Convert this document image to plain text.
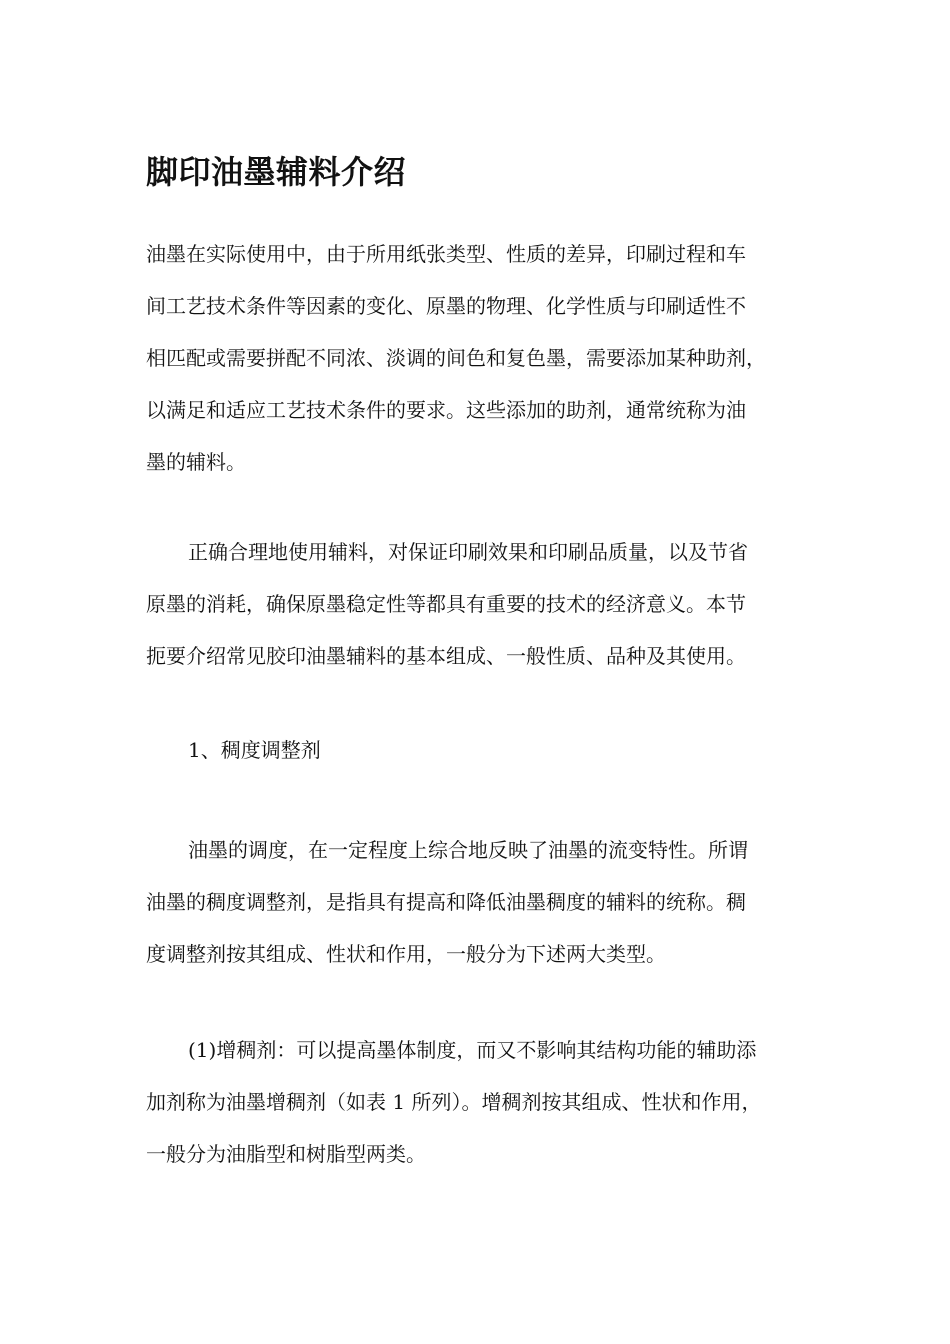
脚印油墨辅料介绍
油墨在实际使用中，由于所用纸张类型、性质的差异，印刷过程和车
间工艺技术条件等因素的变化、原墨的物理、化学性质与印刷适性不
相匹配或需要拼配不同浓、淡调的间色和复色墨，需要添加某种助剂，
以满足和适应工艺技术条件的要求。这些添加的助剂，通常统称为油
墨的辅料。
正确合理地使用辅料，对保证印刷效果和印刷品质量，以及节省
原墨的消耗，确保原墨稳定性等都具有重要的技术的经济意义。本节
扼要介绍常见胶印油墨辅料的基本组成、一般性质、品种及其使用。
1、稠度调整剂
油墨的调度，在一定程度上综合地反映了油墨的流变特性。所谓
油墨的稠度调整剂，是指具有提高和降低油墨稠度的辅料的统称。稠
度调整剂按其组成、性状和作用，一般分为下述两大类型。
(1)增稠剂：可以提高墨体制度，而又不影响其结构功能的辅助添
加剂称为油墨增稠剂（如表 1 所列）。增稠剂按其组成、性状和作用，
一般分为油脂型和树脂型两类。
